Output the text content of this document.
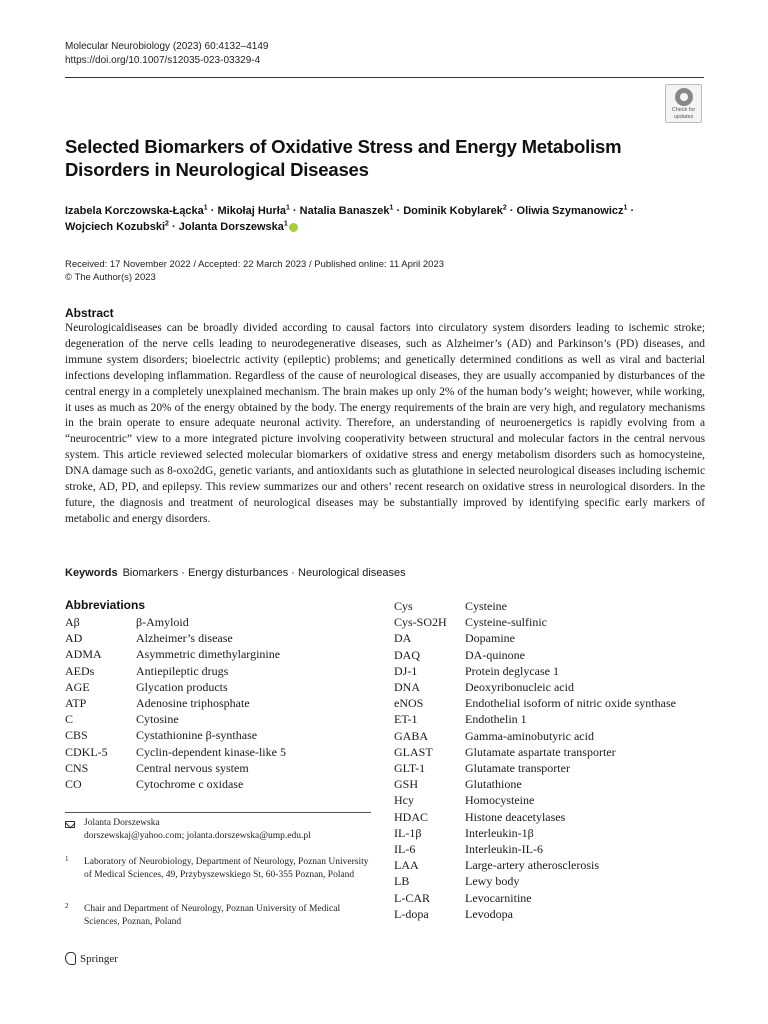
Molecular Neurobiology (2023) 60:4132–4149
https://doi.org/10.1007/s12035-023-03329-4
Check for
updates
Selected Biomarkers of Oxidative Stress and Energy Metabolism Disorders in Neurological Diseases
Izabela Korczowska-Łącka$^1$ · Mikołaj Hurła$^1$ · Natalia Banaszek$^1$ · Dominik Kobylarek$^2$ · Oliwia Szymanowicz$^1$ ·
Wojciech Kozubski$^2$ · Jolanta Dorszewska$^1$
Received: 17 November 2022 / Accepted: 22 March 2023 / Published online: 11 April 2023
© The Author(s) 2023
Abstract
Neurologicaldiseases can be broadly divided according to causal factors into circulatory system disorders leading to ischemic stroke; degeneration of the nerve cells leading to neurodegenerative diseases, such as Alzheimer’s (AD) and Parkinson’s (PD) diseases, and immune system disorders; bioelectric activity (epileptic) problems; and genetically determined conditions as well as viral and bacterial infections developing inflammation. Regardless of the cause of neurological diseases, they are usually accompanied by disturbances of the central energy in a completely unexplained mechanism. The brain makes up only 2% of the human body’s weight; however, while working, it uses as much as 20% of the energy obtained by the body. The energy requirements of the brain are very high, and regulatory mechanisms in the brain operate to ensure adequate neuronal activity. Therefore, an understanding of neuroenergetics is rapidly evolving from a “neurocentric” view to a more integrated picture involving cooperativity between structural and molecular factors in the central nervous system. This article reviewed selected molecular biomarkers of oxidative stress and energy metabolism disorders such as homocysteine, DNA damage such as 8-oxo2dG, genetic variants, and antioxidants such as glutathione in selected neurological diseases including ischemic stroke, AD, PD, and epilepsy. This review summarizes our and others’ recent research on oxidative stress in neurological disorders. In the future, the diagnosis and treatment of neurological diseases may be substantially improved by identifying specific early markers of metabolic and energy disorders.
Keywords Biomarkers · Energy disturbances · Neurological diseases
Abbreviations
Aβ	β-Amyloid
AD	Alzheimer’s disease
ADMA	Asymmetric dimethylarginine
AEDs	Antiepileptic drugs
AGE	Glycation products
ATP	Adenosine triphosphate
C	Cytosine
CBS	Cystathionine β-synthase
CDKL-5	Cyclin-dependent kinase-like 5
CNS	Central nervous system
CO	Cytochrome c oxidase
Cys	Cysteine
Cys-SO2H	Cysteine-sulfinic
DA	Dopamine
DAQ	DA-quinone
DJ-1	Protein deglycase 1
DNA	Deoxyribonucleic acid
eNOS	Endothelial isoform of nitric oxide synthase
ET-1	Endothelin 1
GABA	Gamma-aminobutyric acid
GLAST	Glutamate aspartate transporter
GLT-1	Glutamate transporter
GSH	Glutathione
Hcy	Homocysteine
HDAC	Histone deacetylases
IL-1β	Interleukin-1β
IL-6	Interleukin-IL-6
LAA	Large-artery atherosclerosis
LB	Lewy body
L-CAR	Levocarnitine
L-dopa	Levodopa
Jolanta Dorszewska
dorszewskaj@yahoo.com; jolanta.dorszewska@ump.edu.pl
1 Laboratory of Neurobiology, Department of Neurology, Poznan University of Medical Sciences, 49, Przybyszewskiego St, 60-355 Poznan, Poland
2 Chair and Department of Neurology, Poznan University of Medical Sciences, Poznan, Poland
Springer
